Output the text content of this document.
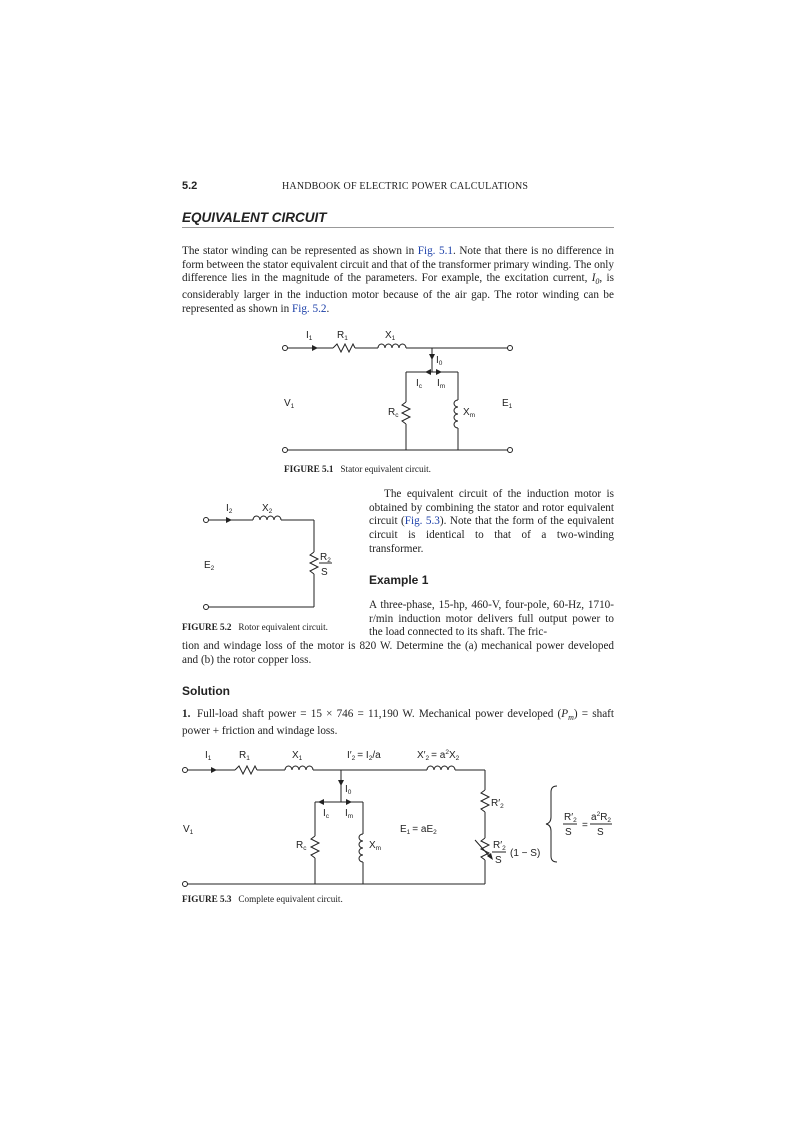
5.2	HANDBOOK OF ELECTRIC POWER CALCULATIONS
EQUIVALENT CIRCUIT
The stator winding can be represented as shown in Fig. 5.1. Note that there is no difference in form between the stator equivalent circuit and that of the transformer primary winding. The only difference lies in the magnitude of the parameters. For example, the excitation current, $I_0$, is considerably larger in the induction motor because of the air gap. The rotor winding can be represented as shown in Fig. 5.2.
$I_1$ $R_1$	$X_1$
$I_0$
$I_c$ $I_m$
$V_1$
$R_c$	$X_m$
$E_1$
FIGURE 5.1 Stator equivalent circuit.
$I_2$	$X_2$
$E_2$
$R_2$
S
FIGURE 5.2 Rotor equivalent circuit.
The equivalent circuit of the induction motor is obtained by combining the stator and rotor equivalent circuit (Fig. 5.3). Note that the form of the equivalent circuit is identical to that of a two-winding transformer.
Example 1
A three-phase, 15-hp, 460-V, four-pole, 60-Hz, 1710-r/min induction motor delivers full output power to the load connected to its shaft. The fric-
tion and windage loss of the motor is 820 W. Determine the (a) mechanical power developed and (b) the rotor copper loss.
Solution
1. Full-load shaft power = 15 × 746 = 11,190 W. Mechanical power developed $(P_m)$ = shaft power + friction and windage loss.
$I_1$	$R_1$	$X_1$	$I'_2 = I_2/a$	$X'_2 = a^2X_2$
$I_0$
$I_c$ $I_m$
$V_1$
$R_c$	$X_m$
$E_1 = aE_2$
$R'_2$
$R'_2$
S
(1 − S)
$R'_2$
S
=
$a^2R_2$
S
FIGURE 5.3 Complete equivalent circuit.
